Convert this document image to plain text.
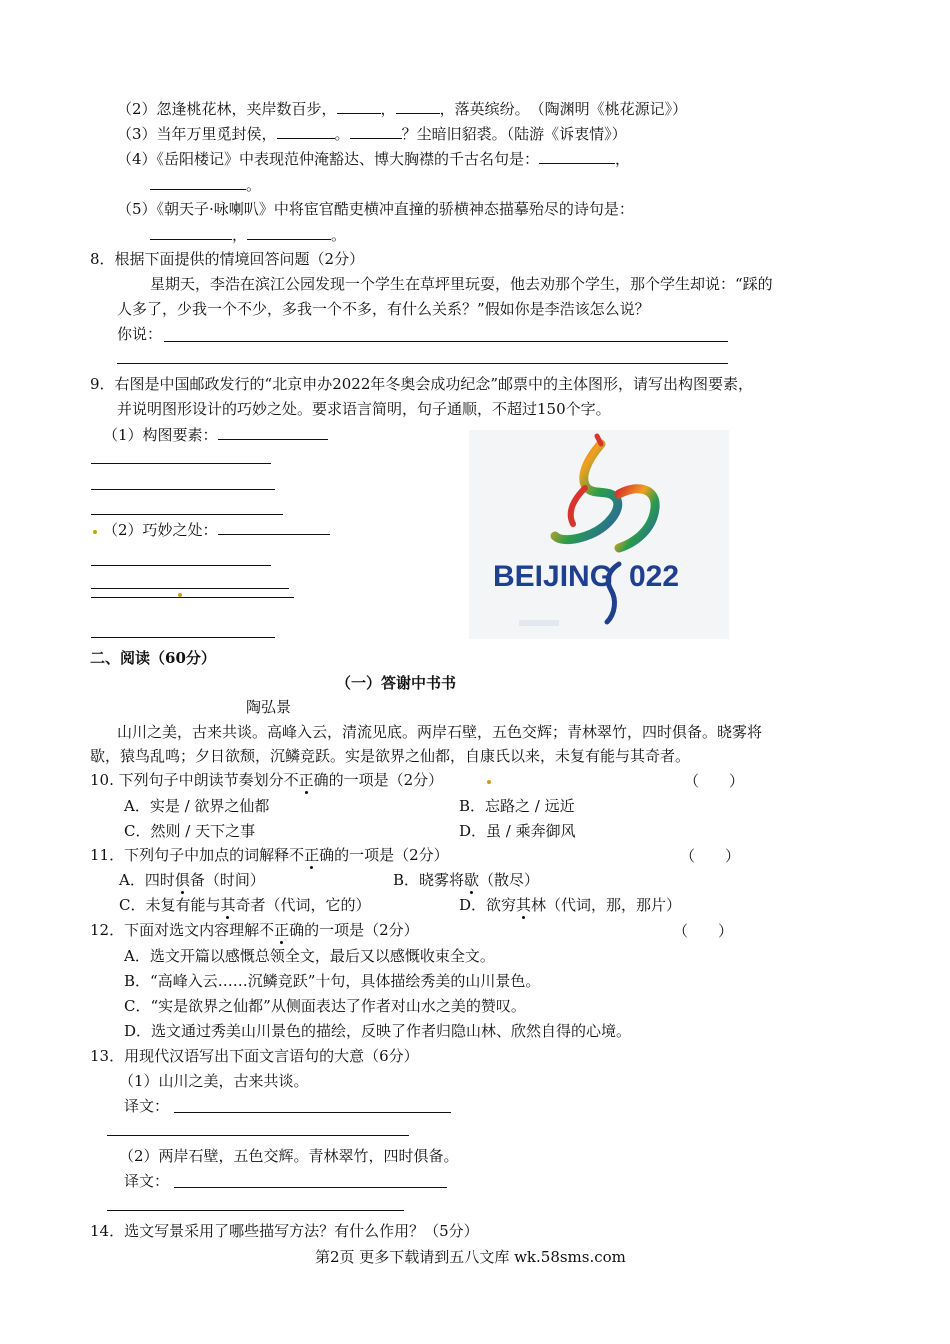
（2）忽逢桃花林，夹岸数百步，	，	，落英缤纷。　（陶渊明《桃花源记》）
（3）当年万里觅封侯，	。	？尘暗旧貂裘。（陆游《诉衷情》）
（4）《岳阳楼记》中表现范仲淹豁达、博大胸襟的千古名句是：	，
。
（5）《朝天子·咏喇叭》中将宦官酷吏横冲直撞的骄横神态描摹殆尽的诗句是：
，	。
8．根据下面提供的情境回答问题（2分）
星期天，李浩在滨江公园发现一个学生在草坪里玩耍，他去劝那个学生，那个学生却说：“踩的
人多了，少我一个不少，多我一个不多，有什么关系？”假如你是李浩该怎么说？
你说：
9．右图是中国邮政发行的“北京申办2022年冬奥会成功纪念”邮票中的主体图形，请写出构图要素，
并说明图形设计的巧妙之处。要求语言简明，句子通顺，不超过150个字。
（1）构图要素：
（2）巧妙之处：
BEIJING 022
二、阅读（60分）
（一）答谢中书书
陶弘景
山川之美，古来共谈。高峰入云，清流见底。两岸石壁，五色交辉；青林翠竹，四时俱备。晓雾将
歇，猿鸟乱鸣；夕日欲颓，沉鳞竞跃。实是欲界之仙都，自康氏以来，未复有能与其奇者。
10. 下列句子中朗读节奏划分不正确的一项是（2分）	（　　）
A．实是 / 欲界之仙都	B．忘路之 / 远近
C．然则 / 天下之事	D．虽 / 乘奔御风
11．下列句子中加点的词解释不正确的一项是（2分）	（　　）
A．四时俱备（时间）	B．晓雾将歇（散尽）
C．未复有能与其奇者（代词，它的）	D．欲穷其林（代词，那，那片）
12．下面对选文内容理解不正确的一项是（2分）	（　　）
A．选文开篇以感慨总领全文，最后又以感慨收束全文。
B．“高峰入云……沉鳞竞跃”十句，具体描绘秀美的山川景色。
C．“实是欲界之仙都”从侧面表达了作者对山水之美的赞叹。
D．选文通过秀美山川景色的描绘，反映了作者归隐山林、欣然自得的心境。
13．用现代汉语写出下面文言语句的大意（6分）
（1）山川之美，古来共谈。
译文：
（2）两岸石壁，五色交辉。青林翠竹，四时俱备。
译文：
14．选文写景采用了哪些描写方法？有什么作用？（5分）
第2页 更多下载请到五八文库 wk.58sms.com
